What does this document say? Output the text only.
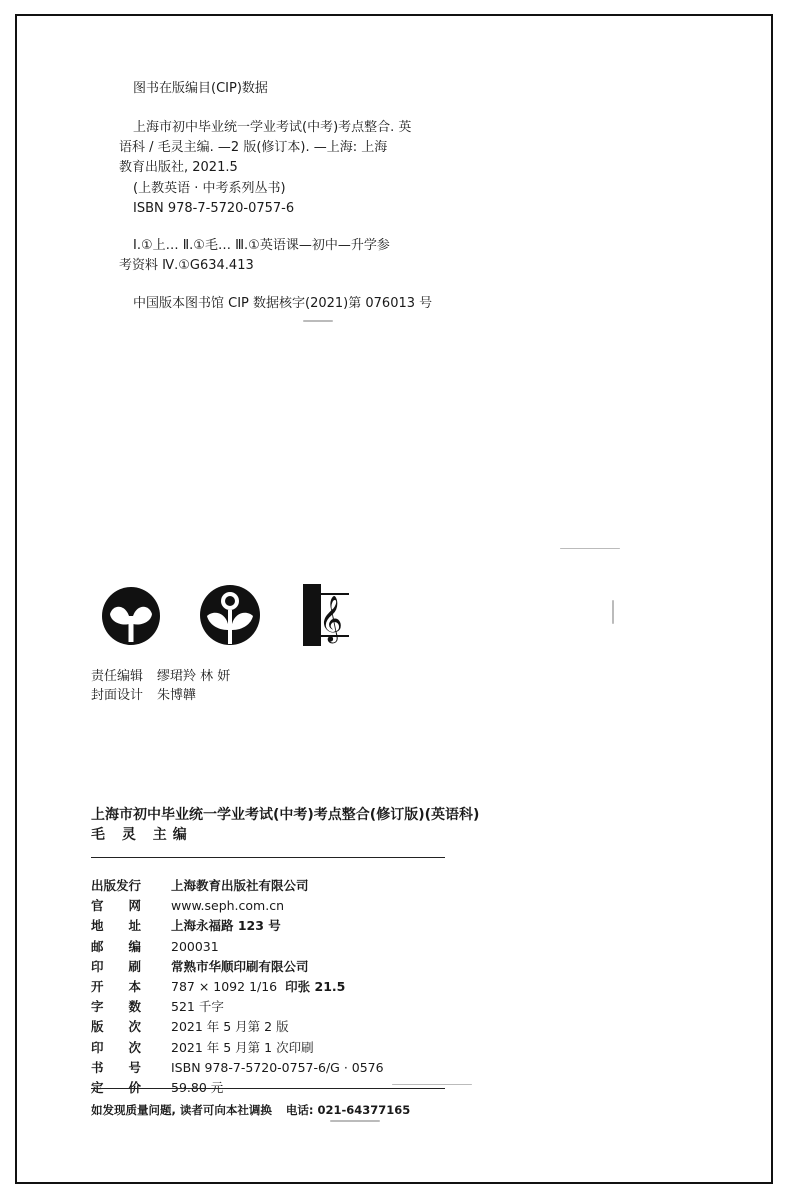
图书在版编目(CIP)数据
上海市初中毕业统一学业考试(中考)考点整合. 英
语科 / 毛灵主编. —2 版(修订本). —上海: 上海
教育出版社, 2021.5
(上教英语 · 中考系列丛书)
ISBN 978-7-5720-0757-6
Ⅰ.①上… Ⅱ.①毛… Ⅲ.①英语课—初中—升学参
考资料 Ⅳ.①G634.413
中国版本图书馆 CIP 数据核字(2021)第 076013 号
𝄞
责任编辑 缪珺羚 林 妍
封面设计 朱博韡
上海市初中毕业统一学业考试(中考)考点整合(修订版)(英语科)
毛 灵 主编
出版发行	上海教育出版社有限公司
官网	www.seph.com.cn
地址	上海永福路 123 号
邮编	200031
印刷	常熟市华顺印刷有限公司
开本	787 × 1092 1/16 印张 21.5
字数	521 千字
版次	2021 年 5 月第 2 版
印次	2021 年 5 月第 1 次印刷
书号	ISBN 978-7-5720-0757-6/G · 0576
定价	59.80 元
如发现质量问题, 读者可向本社调换 电话: 021-64377165
